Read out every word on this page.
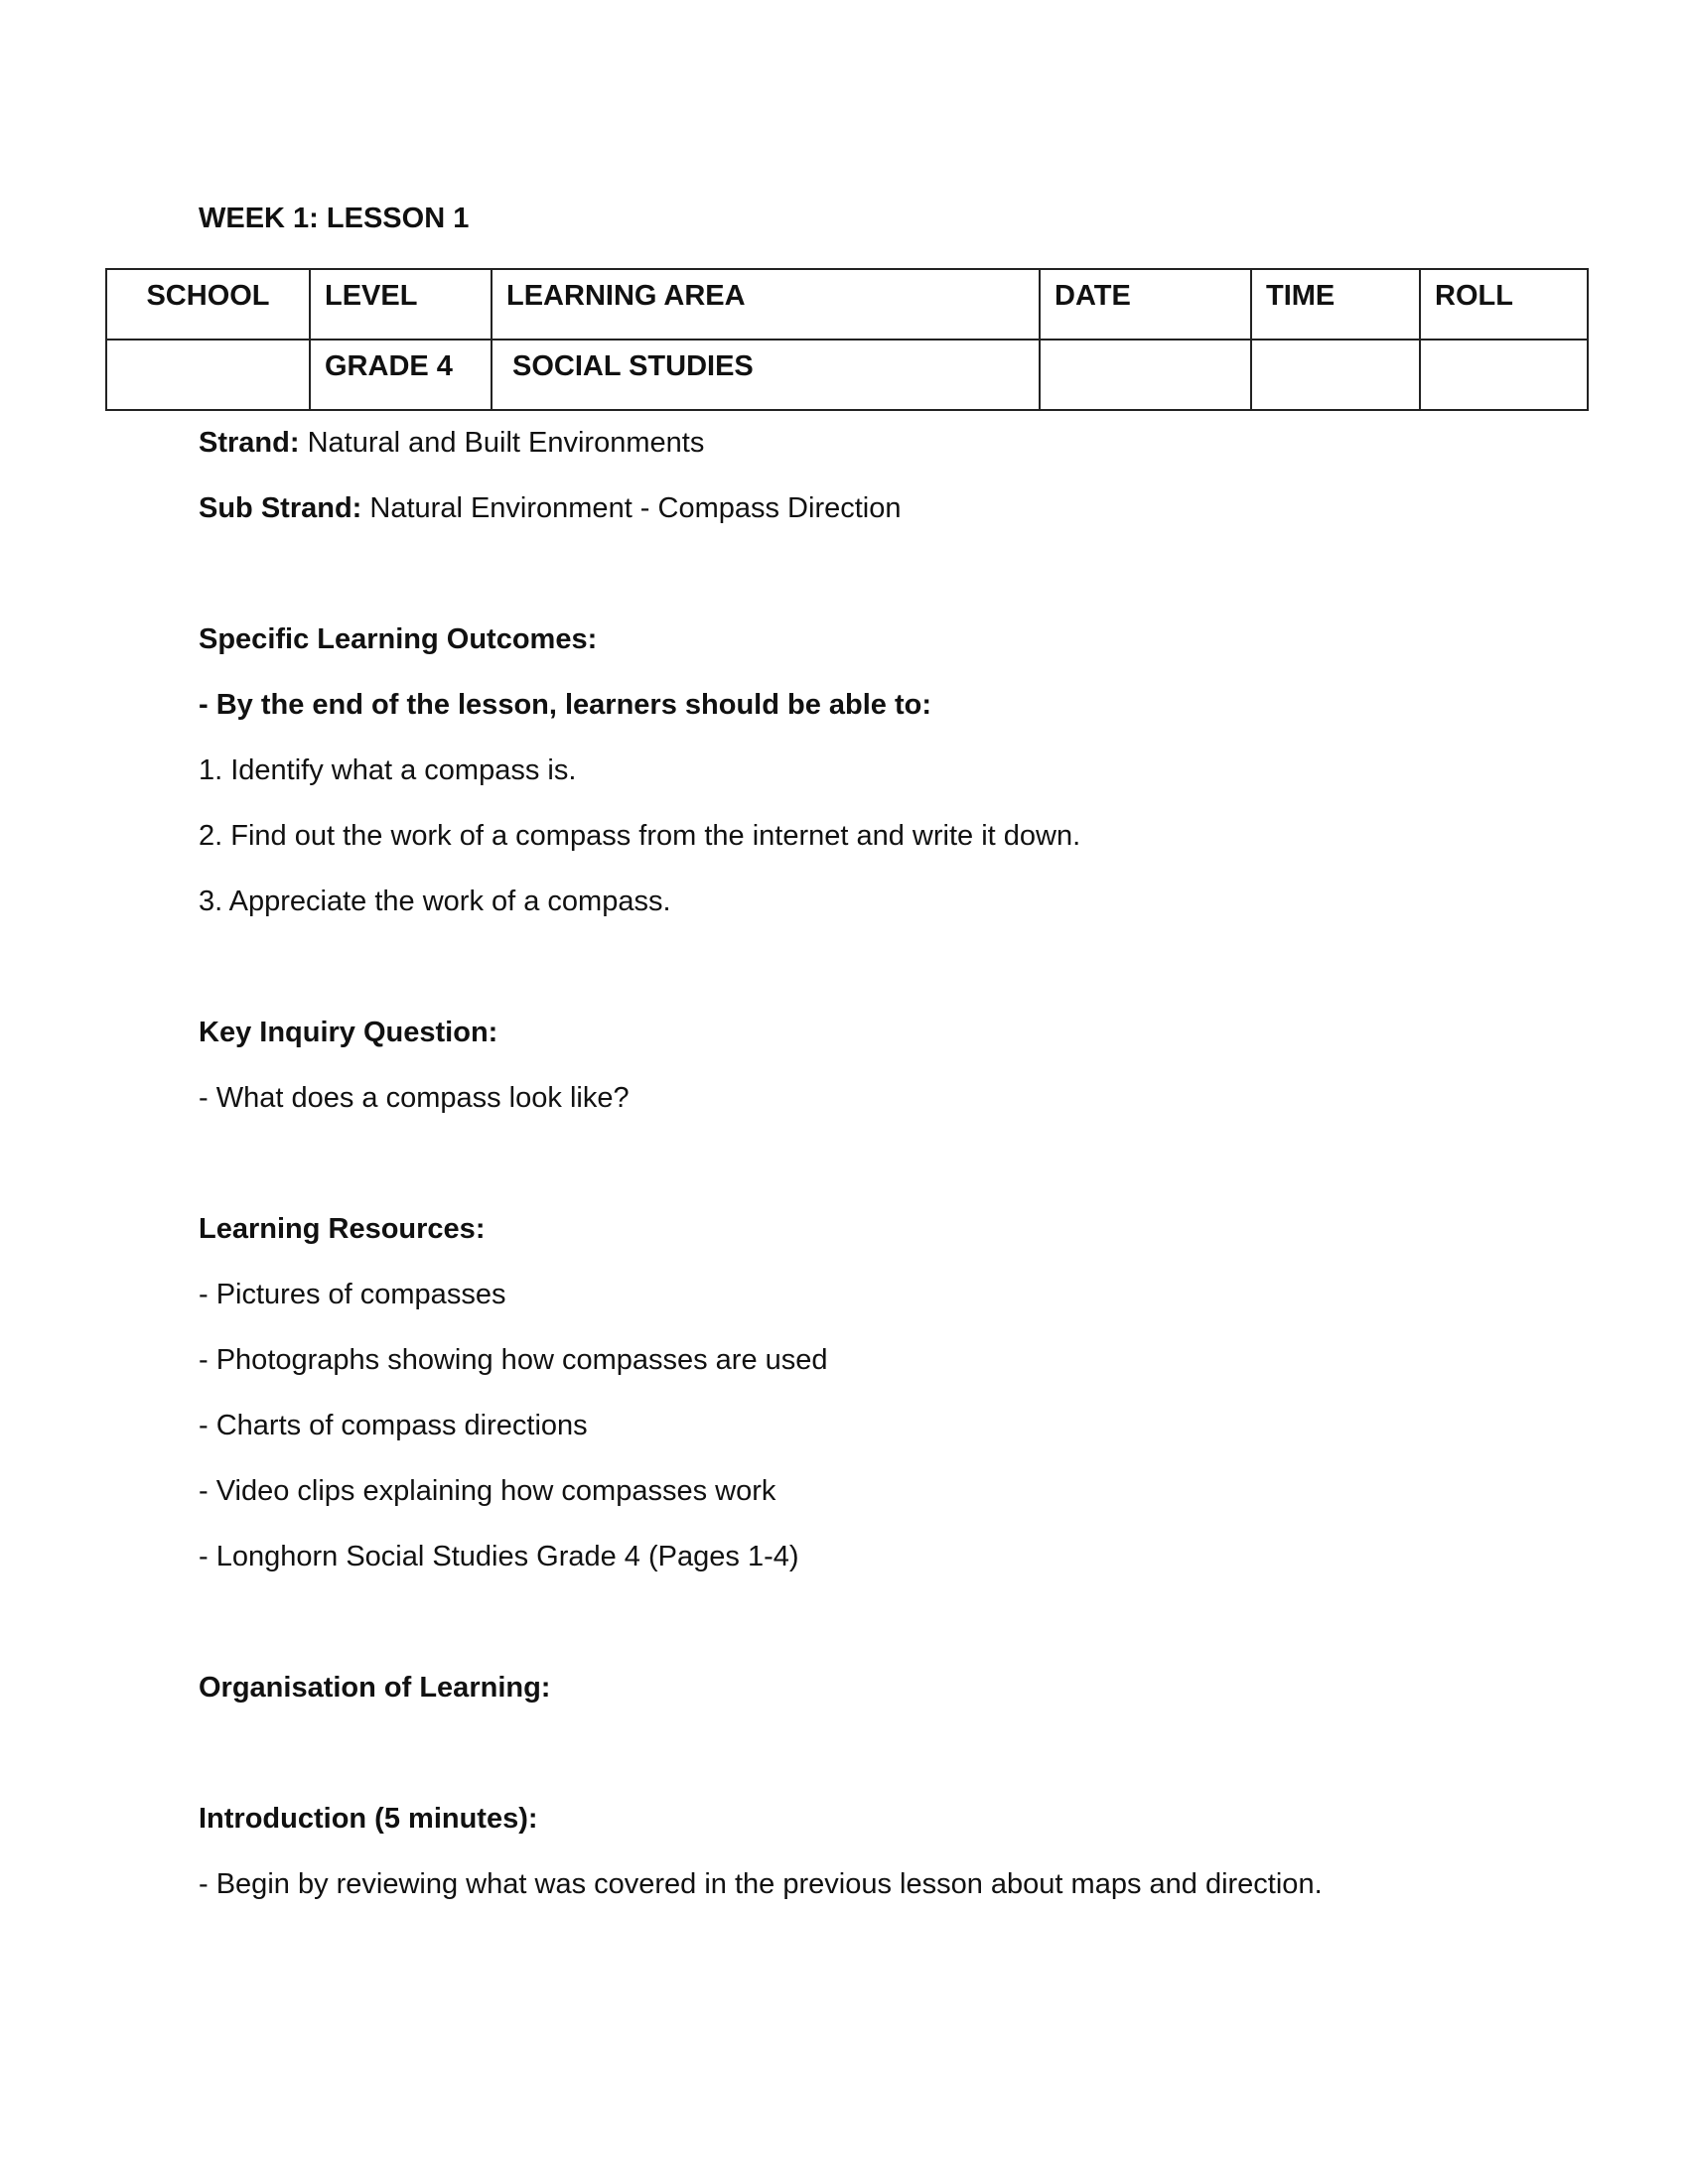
WEEK 1: LESSON 1
SCHOOL	LEVEL	LEARNING AREA	DATE	TIME	ROLL
	GRADE 4	SOCIAL STUDIES			
Strand: Natural and Built Environments
Sub Strand: Natural Environment - Compass Direction
Specific Learning Outcomes:
- By the end of the lesson, learners should be able to:
1. Identify what a compass is.
2. Find out the work of a compass from the internet and write it down.
3. Appreciate the work of a compass.
Key Inquiry Question:
- What does a compass look like?
Learning Resources:
- Pictures of compasses
- Photographs showing how compasses are used
- Charts of compass directions
- Video clips explaining how compasses work
- Longhorn Social Studies Grade 4 (Pages 1-4)
Organisation of Learning:
Introduction (5 minutes):
- Begin by reviewing what was covered in the previous lesson about maps and direction.
